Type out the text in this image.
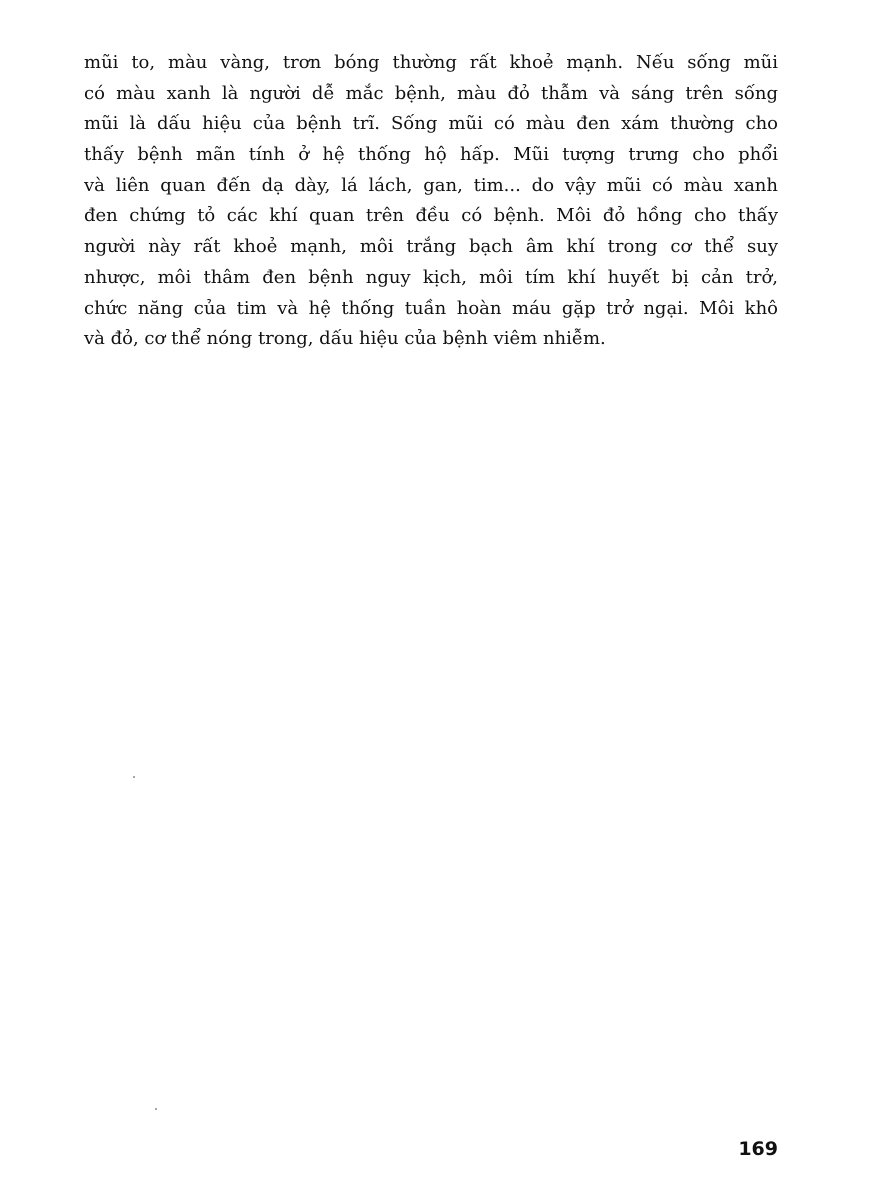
mũi to, màu vàng, trơn bóng thường rất khoẻ mạnh. Nếu sống mũi
có màu xanh là người dễ mắc bệnh, màu đỏ thẫm và sáng trên sống
mũi là dấu hiệu của bệnh trĩ. Sống mũi có màu đen xám thường cho
thấy bệnh mãn tính ở hệ thống hộ hấp. Mũi tượng trưng cho phổi
và liên quan đến dạ dày, lá lách, gan, tim... do vậy mũi có màu xanh
đen chứng tỏ các khí quan trên đều có bệnh. Môi đỏ hồng cho thấy
người này rất khoẻ mạnh, môi trắng bạch âm khí trong cơ thể suy
nhược, môi thâm đen bệnh nguy kịch, môi tím khí huyết bị cản trở,
chức năng của tim và hệ thống tuần hoàn máu gặp trở ngại. Môi khô
và đỏ, cơ thể nóng trong, dấu hiệu của bệnh viêm nhiễm.
169
